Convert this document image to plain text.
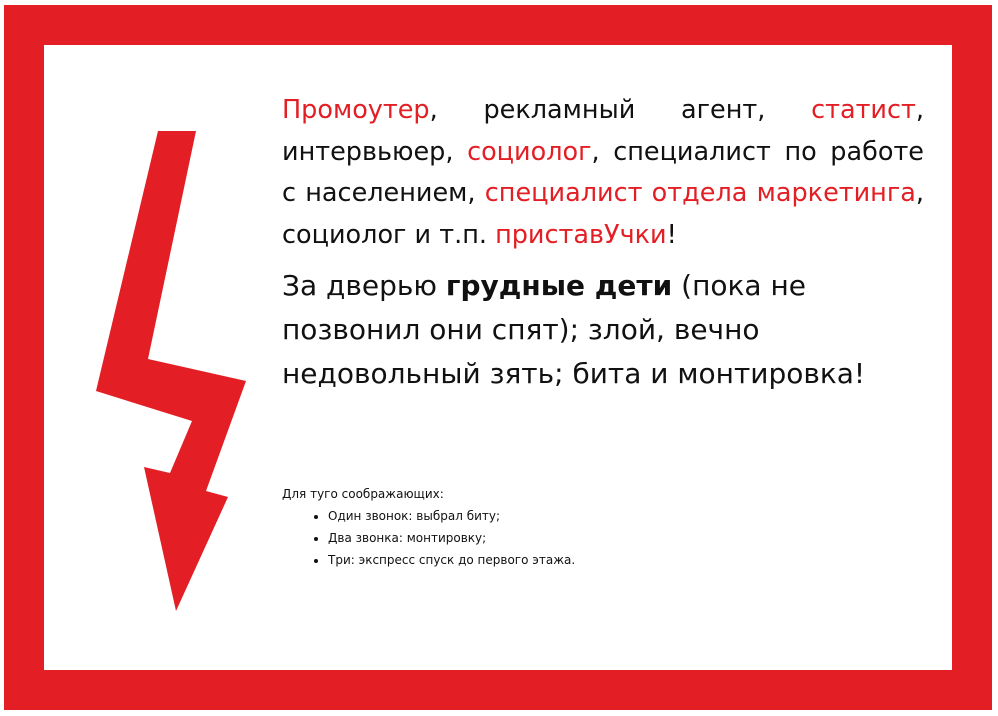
Промоутер, рекламный агент, статист, интервьюер, социолог, специалист по работе с населением, специалист отдела маркетинга, социолог и т.п. приставУчки!

За дверью грудные дети (пока не позвонил они спят); злой, вечно недовольный зять; бита и монтировка!

Для туго соображающих:

• Один звонок: выбрал биту;
• Два звонка: монтировку;
• Три: экспресс спуск до первого этажа.
